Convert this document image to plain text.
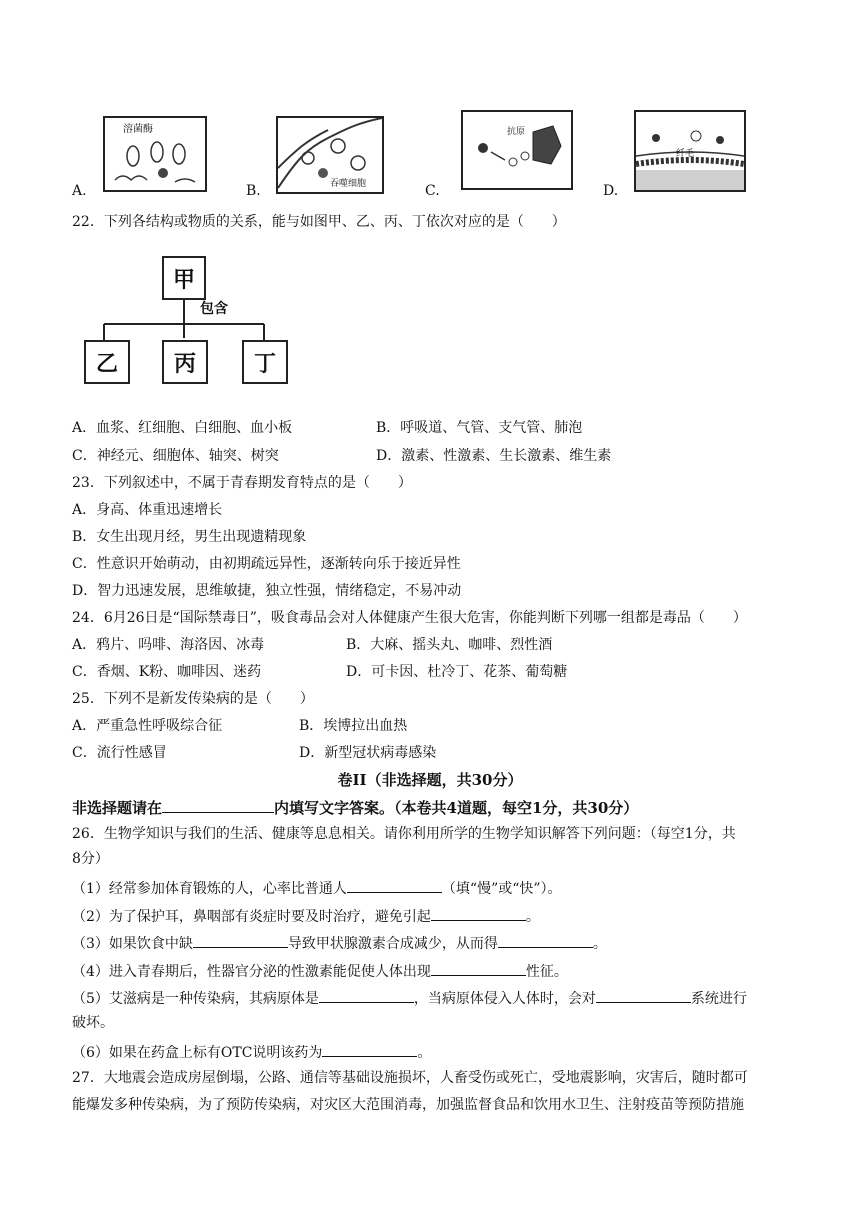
A.
溶菌酶
B.	吞噬细胞	C.
抗原
D.
纤毛
22．下列各结构或物质的关系，能与如图甲、乙、丙、丁依次对应的是（　　）
甲
包含
乙	丙	丁
A．血浆、红细胞、白细胞、血小板	B．呼吸道、气管、支气管、肺泡
C．神经元、细胞体、轴突、树突	D．激素、性激素、生长激素、维生素
23．下列叙述中，不属于青春期发育特点的是（　　）
A．身高、体重迅速增长
B．女生出现月经，男生出现遗精现象
C．性意识开始萌动，由初期疏远异性，逐渐转向乐于接近异性
D．智力迅速发展，思维敏捷，独立性强，情绪稳定，不易冲动
24．6月26日是“国际禁毒日”，吸食毒品会对人体健康产生很大危害，你能判断下列哪一组都是毒品（　　）
A．鸦片、吗啡、海洛因、冰毒	B．大麻、摇头丸、咖啡、烈性酒
C．香烟、K粉、咖啡因、迷药	D．可卡因、杜冷丁、花茶、葡萄糖
25．下列不是新发传染病的是（　　）
A．严重急性呼吸综合征	B．埃博拉出血热
C．流行性感冒	D．新型冠状病毒感染
卷II（非选择题，共30分）
非选择题请在	内填写文字答案。（本卷共4道题，每空1分，共30分）
26．生物学知识与我们的生活、健康等息息相关。请你利用所学的生物学知识解答下列问题：（每空1分，共
8分）
（1）经常参加体育锻炼的人，心率比普通人	（填“慢”或“快”）。
（2）为了保护耳，鼻咽部有炎症时要及时治疗，避免引起	。
（3）如果饮食中缺	导致甲状腺激素合成减少，从而得	。
（4）进入青春期后，性器官分泌的性激素能促使人体出现	性征。
（5）艾滋病是一种传染病，其病原体是	，当病原体侵入人体时，会对	系统进行
破坏。
（6）如果在药盒上标有OTC说明该药为	。
27．大地震会造成房屋倒塌，公路、通信等基础设施损坏，人畜受伤或死亡，受地震影响，灾害后，随时都可
能爆发多种传染病，为了预防传染病，对灾区大范围消毒，加强监督食品和饮用水卫生、注射疫苗等预防措施
